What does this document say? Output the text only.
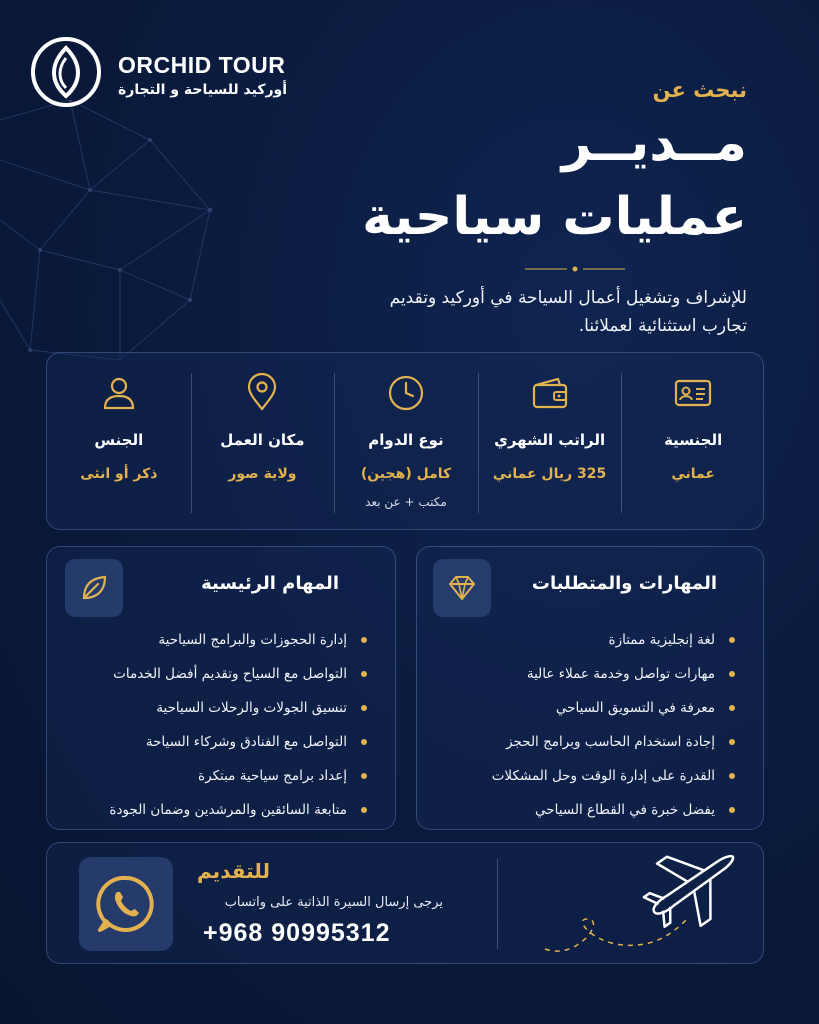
ORCHID TOUR
أوركيد للسياحة و التجارة	نبحث عن
مــديــر
عمليات سياحية
للإشراف وتشغيل أعمال السياحة في أوركيد وتقديم تجارب استثنائية لعملائنا.
الجنسية
عماني
الراتب الشهري
325 ريال عماني
نوع الدوام
كامل (هجين)
مكتب + عن بعد
مكان العمل
ولاية صور
الجنس
ذكر أو انثى
المهام الرئيسية
إدارة الحجوزات والبرامج السياحية
التواصل مع السياح وتقديم أفضل الخدمات
تنسيق الجولات والرحلات السياحية
التواصل مع الفنادق وشركاء السياحة
إعداد برامج سياحية مبتكرة
متابعة السائقين والمرشدين وضمان الجودة
المهارات والمتطلبات
لغة إنجليزية ممتازة
مهارات تواصل وخدمة عملاء عالية
معرفة في التسويق السياحي
إجادة استخدام الحاسب وبرامج الحجز
القدرة على إدارة الوقت وحل المشكلات
يفضل خبرة في القطاع السياحي
للتقديم
يرجى إرسال السيرة الذاتية على واتساب
+968 90995312
